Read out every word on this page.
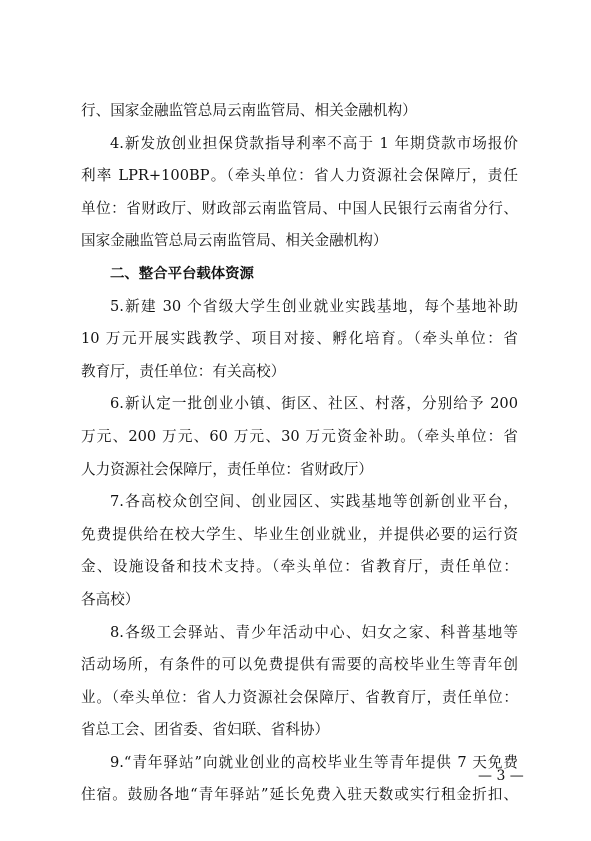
行、国家金融监管总局云南监管局、相关金融机构）
4.新发放创业担保贷款指导利率不高于 1 年期贷款市场报价
利率 LPR+100BP。（牵头单位：省人力资源社会保障厅，责任
单位：省财政厅、财政部云南监管局、中国人民银行云南省分行、
国家金融监管总局云南监管局、相关金融机构）
二、整合平台载体资源
5.新建 30 个省级大学生创业就业实践基地，每个基地补助
10 万元开展实践教学、项目对接、孵化培育。（牵头单位：省
教育厅，责任单位：有关高校）
6.新认定一批创业小镇、街区、社区、村落，分别给予 200
万元、200 万元、60 万元、30 万元资金补助。（牵头单位：省
人力资源社会保障厅，责任单位：省财政厅）
7.各高校众创空间、创业园区、实践基地等创新创业平台，
免费提供给在校大学生、毕业生创业就业，并提供必要的运行资
金、设施设备和技术支持。（牵头单位：省教育厅，责任单位：
各高校）
8.各级工会驿站、青少年活动中心、妇女之家、科普基地等
活动场所，有条件的可以免费提供有需要的高校毕业生等青年创
业。（牵头单位：省人力资源社会保障厅、省教育厅，责任单位：
省总工会、团省委、省妇联、省科协）
9.“青年驿站”向就业创业的高校毕业生等青年提供 7 天免费
住宿。鼓励各地“青年驿站”延长免费入驻天数或实行租金折扣、
— 3 —
